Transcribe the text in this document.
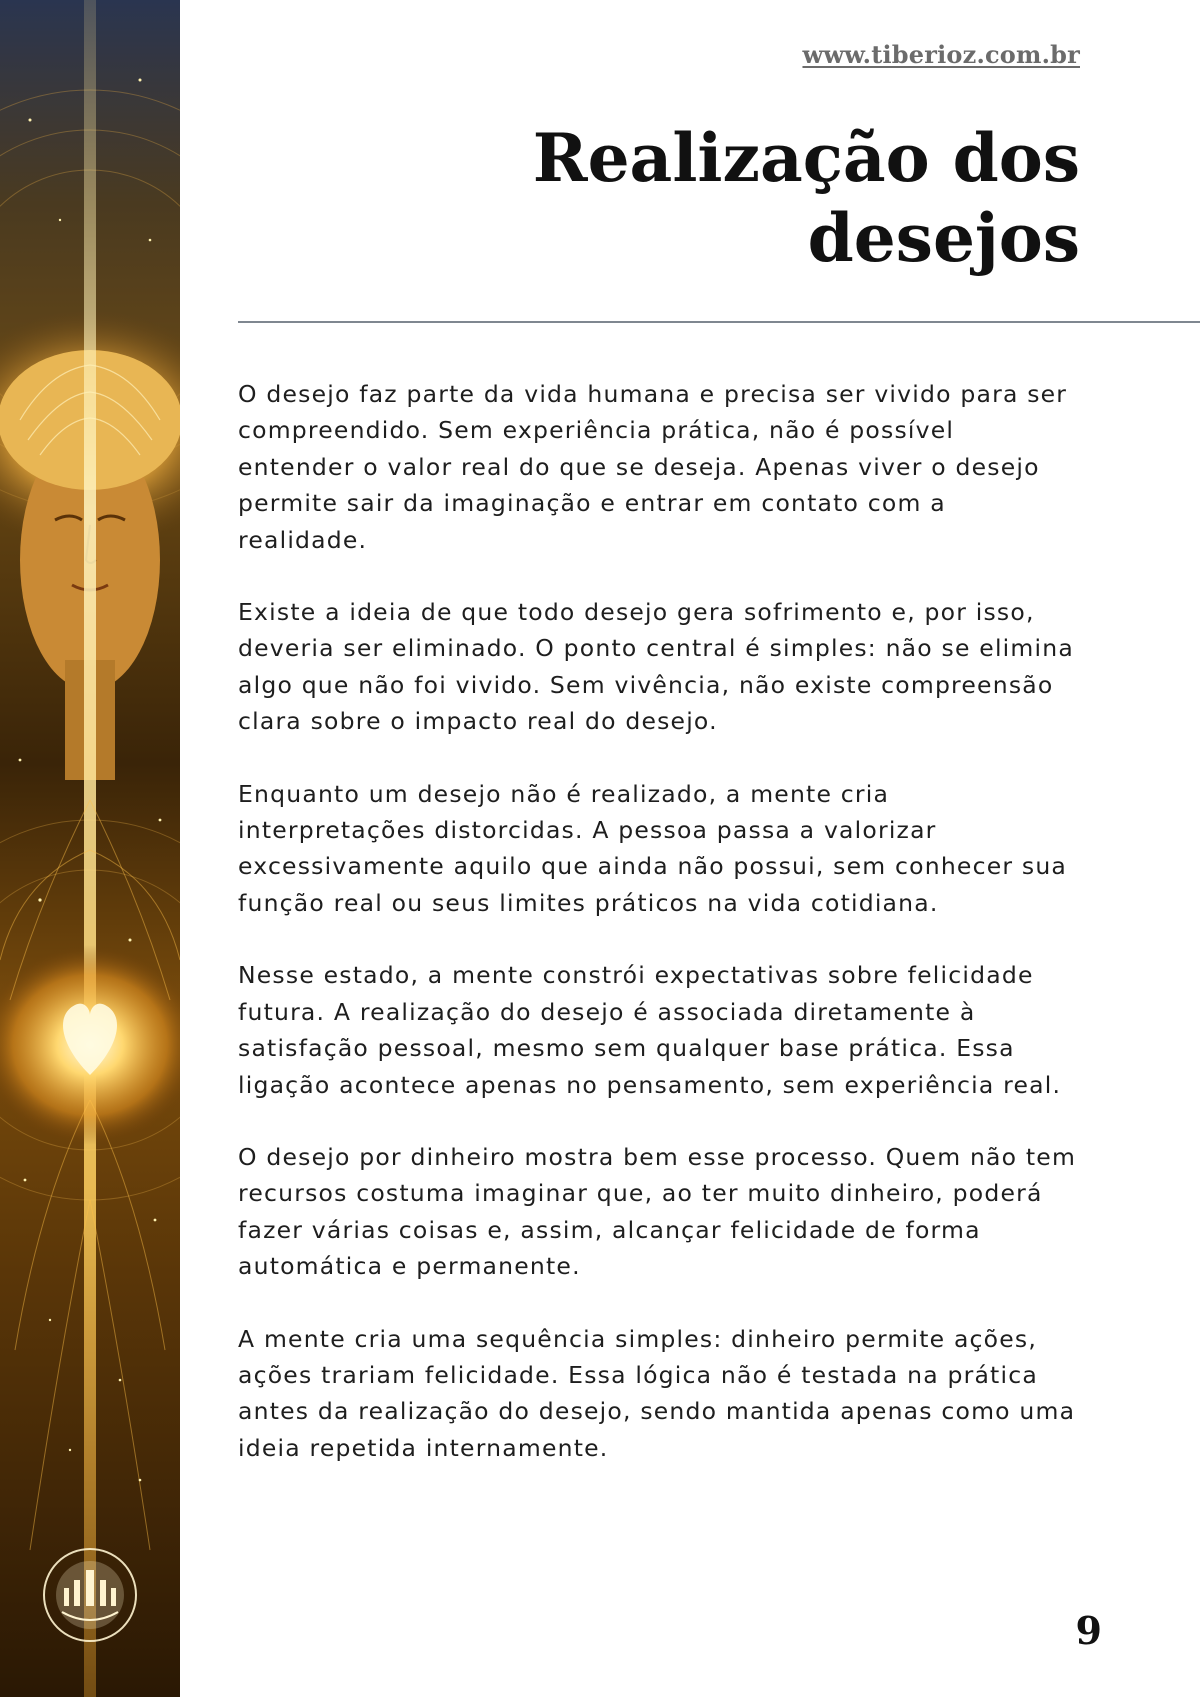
www.tiberioz.com.br
Realização dos
desejos

O desejo faz parte da vida humana e precisa ser vivido para ser compreendido. Sem experiência prática, não é possível entender o valor real do que se deseja. Apenas viver o desejo permite sair da imaginação e entrar em contato com a realidade.

Existe a ideia de que todo desejo gera sofrimento e, por isso, deveria ser eliminado. O ponto central é simples: não se elimina algo que não foi vivido. Sem vivência, não existe compreensão clara sobre o impacto real do desejo.

Enquanto um desejo não é realizado, a mente cria interpretações distorcidas. A pessoa passa a valorizar excessivamente aquilo que ainda não possui, sem conhecer sua função real ou seus limites práticos na vida cotidiana.

Nesse estado, a mente constrói expectativas sobre felicidade futura. A realização do desejo é associada diretamente à satisfação pessoal, mesmo sem qualquer base prática. Essa ligação acontece apenas no pensamento, sem experiência real.

O desejo por dinheiro mostra bem esse processo. Quem não tem recursos costuma imaginar que, ao ter muito dinheiro, poderá fazer várias coisas e, assim, alcançar felicidade de forma automática e permanente.

A mente cria uma sequência simples: dinheiro permite ações, ações trariam felicidade. Essa lógica não é testada na prática antes da realização do desejo, sendo mantida apenas como uma ideia repetida internamente.

9
